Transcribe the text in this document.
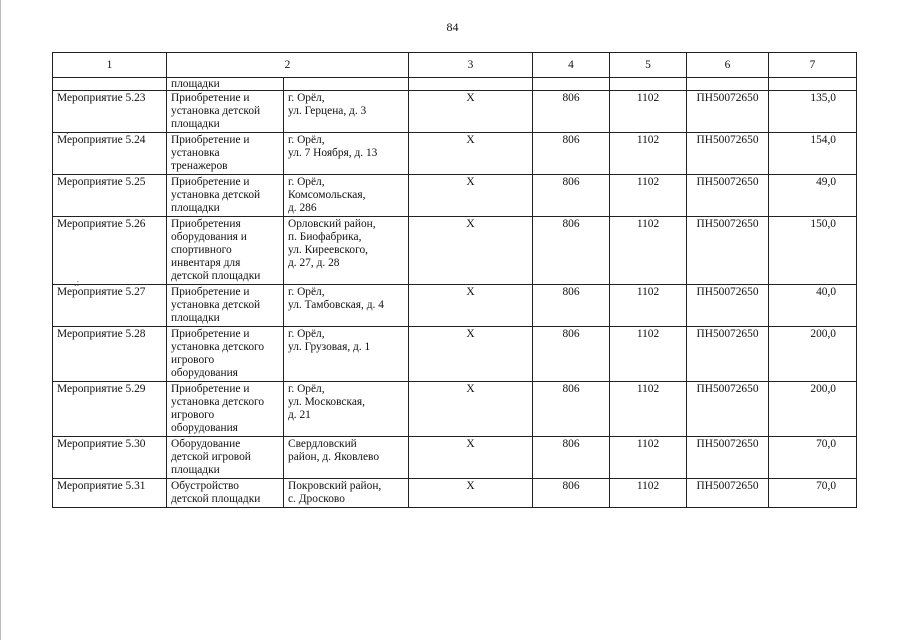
84
1	2		3	4	5	6	7
	площадки						
Мероприятие 5.23	Приобретение и
установка детской
площадки	г. Орёл,
ул. Герцена, д. 3	Х	806	1102	ПН50072650	135,0
Мероприятие 5.24	Приобретение и
установка
тренажеров	г. Орёл,
ул. 7 Ноября, д. 13	Х	806	1102	ПН50072650	154,0
Мероприятие 5.25	Приобретение и
установка детской
площадки	г. Орёл,
Комсомольская,
д. 286	Х	806	1102	ПН50072650	49,0
Мероприятие 5.26	Приобретения
оборудования и
спортивного
инвентаря для
детской площадки	Орловский район,
п. Биофабрика,
ул. Киреевского,
д. 27, д. 28	Х	806	1102	ПН50072650	150,0
Мероприятие 5.27	Приобретение и
установка детской
площадки	г. Орёл,
ул. Тамбовская, д. 4	Х	806	1102	ПН50072650	40,0
Мероприятие 5.28	Приобретение и
установка детского
игрового
оборудования	г. Орёл,
ул. Грузовая, д. 1	Х	806	1102	ПН50072650	200,0
Мероприятие 5.29	Приобретение и
установка детского
игрового
оборудования	г. Орёл,
ул. Московская,
д. 21	Х	806	1102	ПН50072650	200,0
Мероприятие 5.30	Оборудование
детской игровой
площадки	Свердловский
район, д. Яковлево	Х	806	1102	ПН50072650	70,0
Мероприятие 5.31	Обустройство
детской площадки	Покровский район,
с. Дросково	Х	806	1102	ПН50072650	70,0
.
.:
